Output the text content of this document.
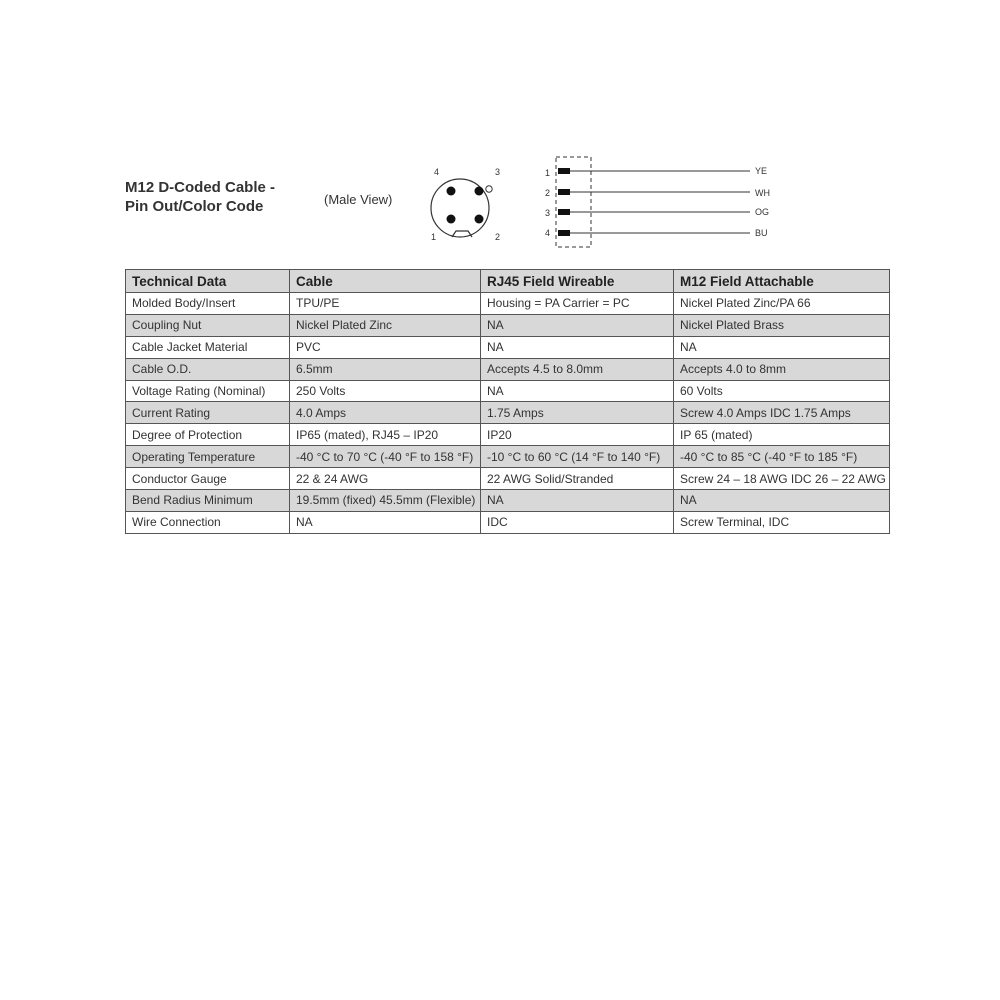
M12 D-Coded Cable -
Pin Out/Color Code	(Male View)
4	3
1	2
1	YE
2	WH
3	OG
4	BU
Technical Data	Cable	RJ45 Field Wireable	M12 Field Attachable
Molded Body/Insert	TPU/PE	Housing = PA Carrier = PC	Nickel Plated Zinc/PA 66
Coupling Nut	Nickel Plated Zinc	NA	Nickel Plated Brass
Cable Jacket Material	PVC	NA	NA
Cable O.D.	6.5mm	Accepts 4.5 to 8.0mm	Accepts 4.0 to 8mm
Voltage Rating (Nominal)	250 Volts	NA	60 Volts
Current Rating	4.0 Amps	1.75 Amps	Screw 4.0 Amps IDC 1.75 Amps
Degree of Protection	IP65 (mated), RJ45 – IP20	IP20	IP 65 (mated)
Operating Temperature	-40 °C to 70 °C (-40 °F to 158 °F)	-10 °C to 60 °C (14 °F to 140 °F)	-40 °C to 85 °C (-40 °F to 185 °F)
Conductor Gauge	22 & 24 AWG	22 AWG Solid/Stranded	Screw 24 – 18 AWG IDC 26 – 22 AWG
Bend Radius Minimum	19.5mm (fixed) 45.5mm (Flexible)	NA	NA
Wire Connection	NA	IDC	Screw Terminal, IDC
